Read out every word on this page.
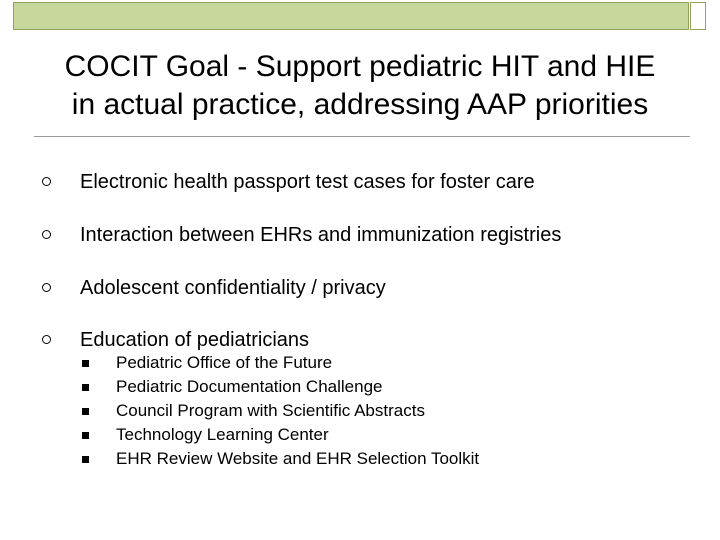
COCIT Goal - Support pediatric HIT and HIE
in actual practice, addressing AAP priorities
Electronic health passport test cases for foster care
Interaction between EHRs and immunization registries
Adolescent confidentiality / privacy
Education of pediatricians
Pediatric Office of the Future
Pediatric Documentation Challenge
Council Program with Scientific Abstracts
Technology Learning Center
EHR Review Website and EHR Selection Toolkit
